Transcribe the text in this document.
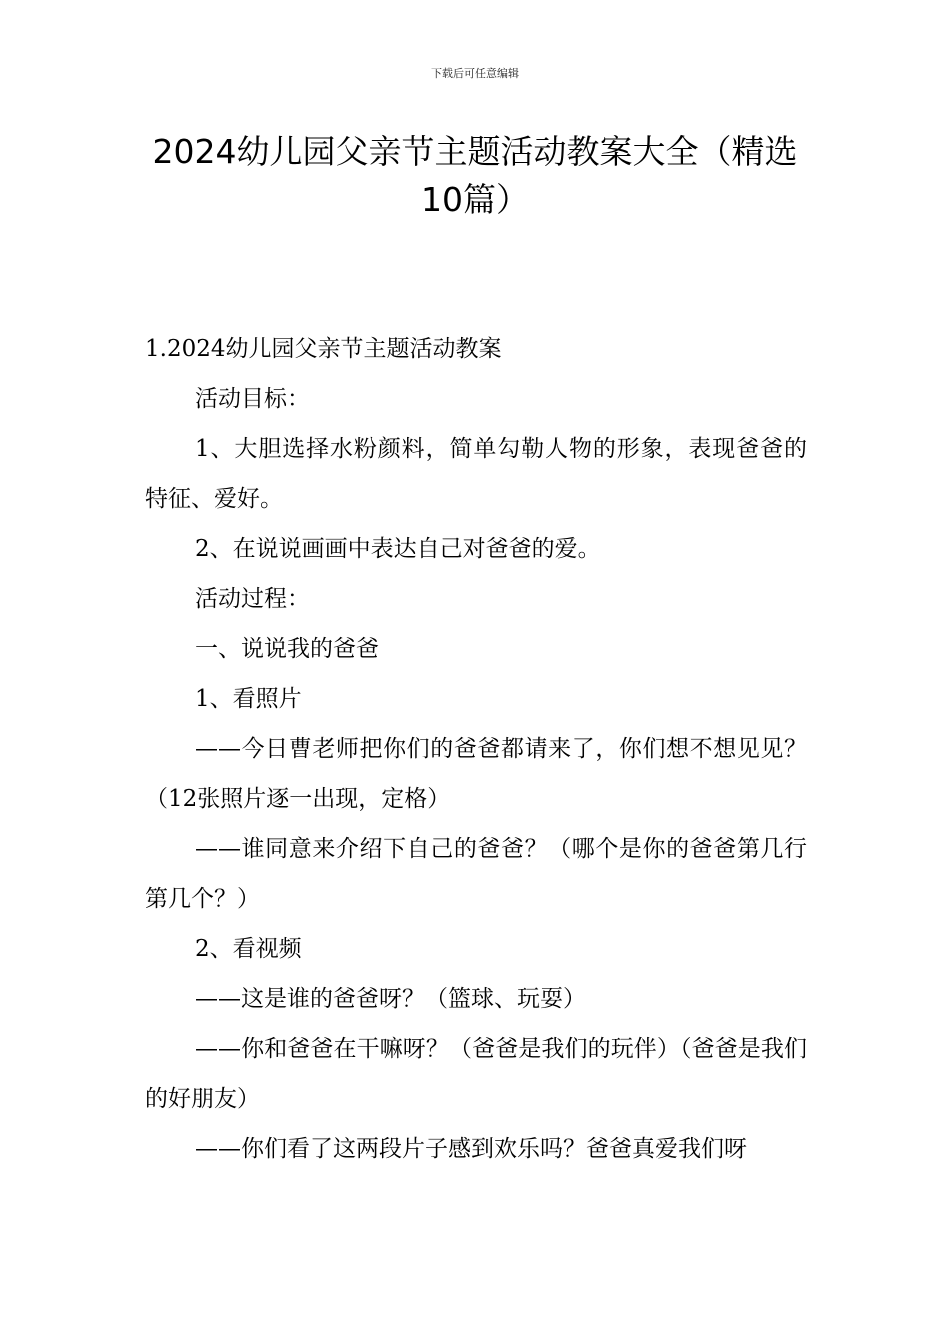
下载后可任意编辑
2024幼儿园父亲节主题活动教案大全（精选10篇）

1.2024幼儿园父亲节主题活动教案

活动目标：

1、大胆选择水粉颜料，简单勾勒人物的形象，表现爸爸的特征、爱好。

2、在说说画画中表达自己对爸爸的爱。

活动过程：

一、说说我的爸爸

1、看照片

——今日曹老师把你们的爸爸都请来了，你们想不想见见？（12张照片逐一出现，定格）

——谁同意来介绍下自己的爸爸？（哪个是你的爸爸第几行第几个？）

2、看视频

——这是谁的爸爸呀？（篮球、玩耍）

——你和爸爸在干嘛呀？（爸爸是我们的玩伴）（爸爸是我们的好朋友）

——你们看了这两段片子感到欢乐吗？爸爸真爱我们呀
